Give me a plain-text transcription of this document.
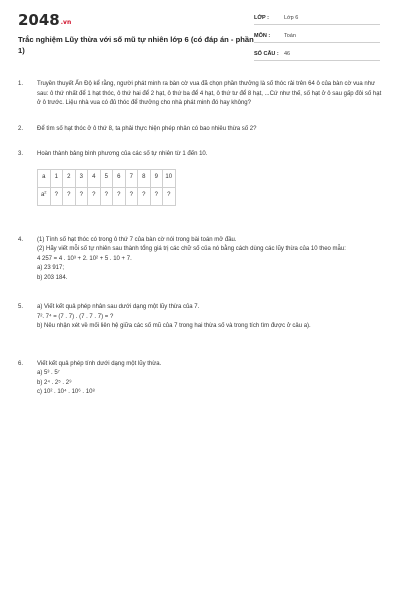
2048.vn
Trắc nghiệm Lũy thừa với số mũ tự nhiên lớp 6 (có đáp án - phần 1)
LỚP :	Lớp 6
MÔN :	Toán
SỐ CÂU : 46
1.	Truyền thuyết Ấn Độ kể rằng, người phát minh ra bàn cờ vua đã chọn phần thưởng là số thóc rải trên 64 ô của bàn cờ vua như sau: ô thứ nhất để 1 hạt thóc, ô thứ hai để 2 hạt, ô thứ ba để 4 hạt, ô thứ tư để 8 hạt, ...Cứ như thế, số hạt ở ô sau gấp đôi số hạt ở ô trước. Liệu nhà vua có đủ thóc để thưởng cho nhà phát minh đó hay không?

2.	Để tìm số hạt thóc ở ô thứ 8, ta phải thực hiện phép nhân có bao nhiêu thừa số 2?

3.	Hoàn thành bảng bình phương của các số tự nhiên từ 1 đến 10.

a	1	2	3	4	5	6	7	8	9	10
$a^2$	?	?	?	?	?	?	?	?	?	?
4.	(1) Tính số hạt thóc có trong ô thứ 7 của bàn cờ nói trong bài toán mở đầu.

(2) Hãy viết mỗi số tự nhiên sau thành tổng giá trị các chữ số của nó bằng cách dùng các lũy thừa của 10 theo mẫu:

4 257 = 4 . 10³ + 2. 10² + 5 . 10 + 7.

a) 23 917;

b) 203 184.

5.	a) Viết kết quả phép nhân sau dưới dạng một lũy thừa của 7.

7². 7⁴ = (7 . 7) . (7 . 7 . 7) = ?

b) Nêu nhận xét về mối liên hệ giữa các số mũ của 7 trong hai thừa số và trong tích tìm được ở câu a).

6.	Viết kết quả phép tính dưới dạng một lũy thừa.

a) 5³ . 5⁷

b) 2⁴ . 2⁵ . 2⁹

c) 10² . 10⁴ . 10⁶ . 10⁸
